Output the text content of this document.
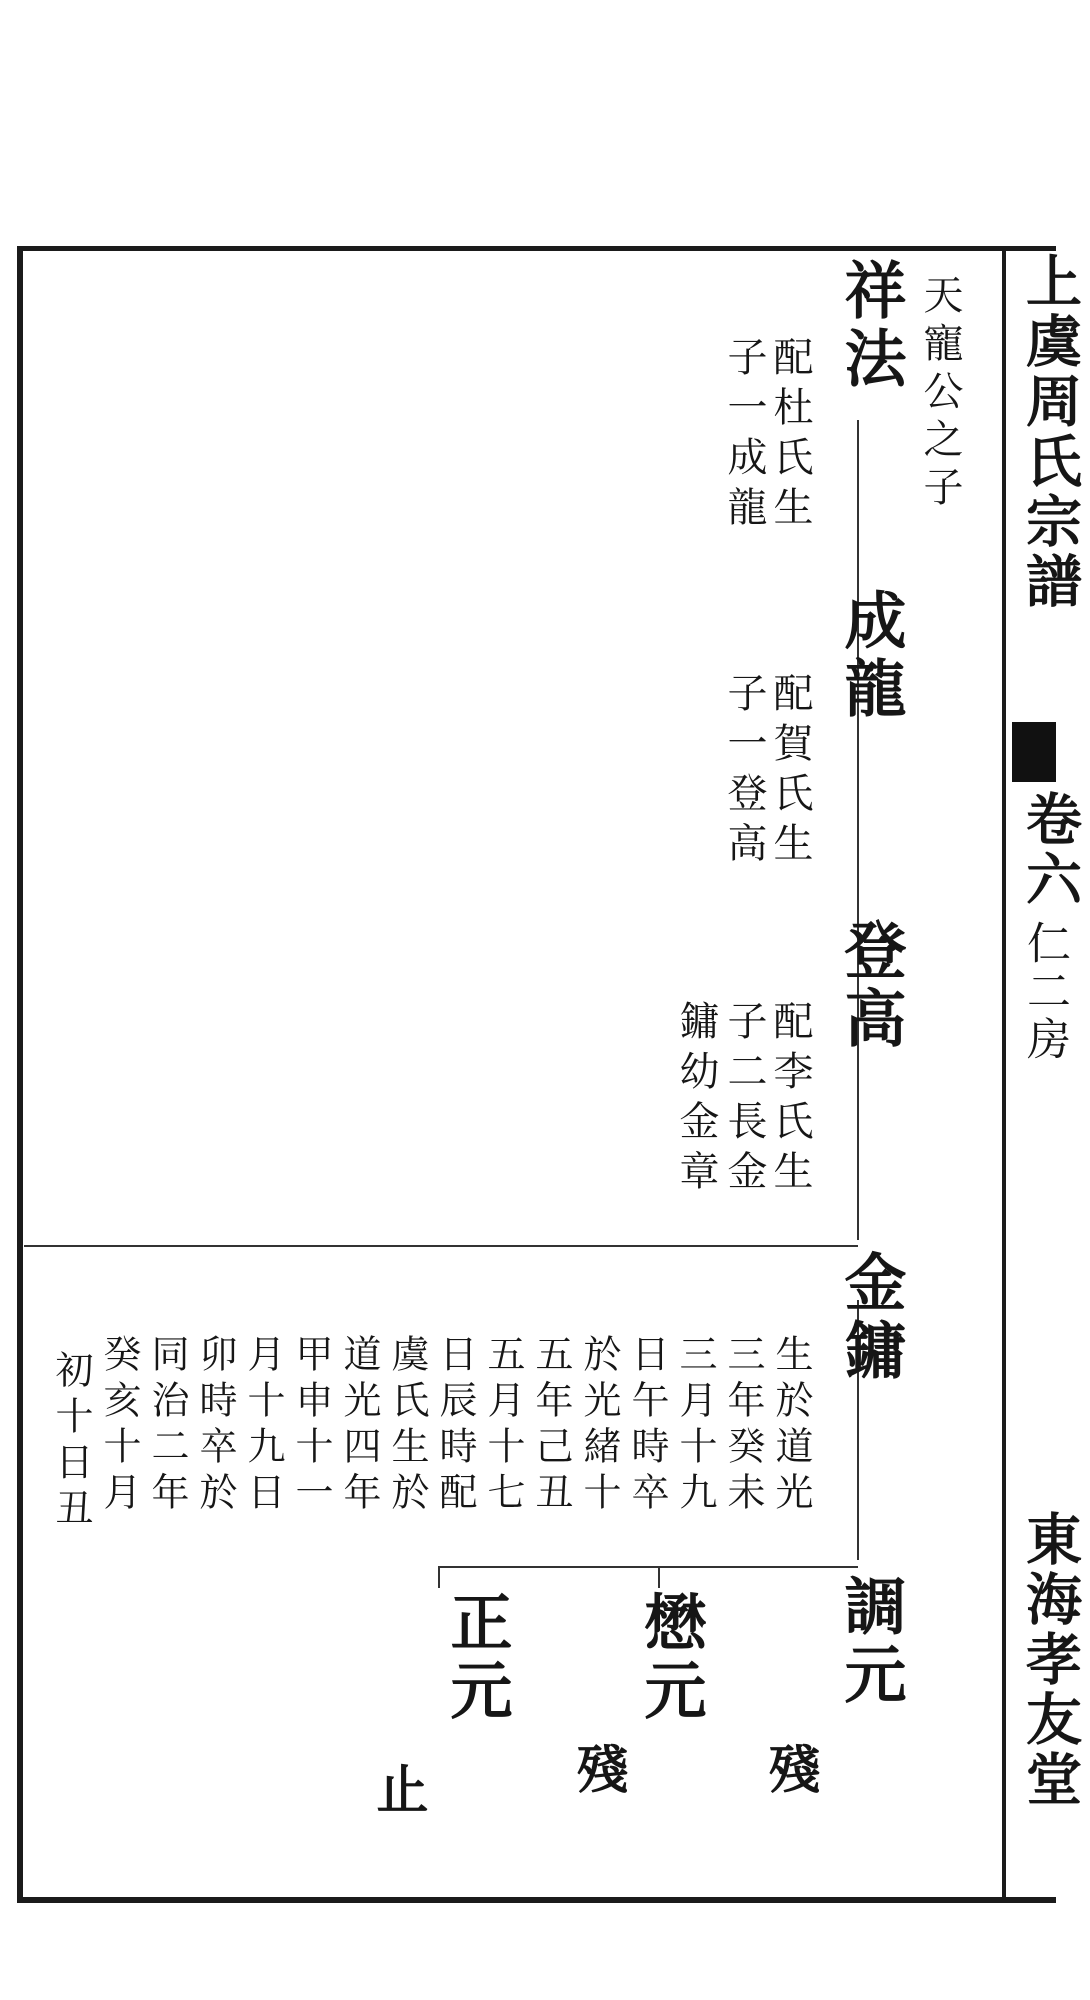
上虞周氏宗譜
卷六
仁二房
東海孝友堂
祥法 天寵公之子
配杜氏生
子一成龍
成龍
配賀氏生
子一登高
登高
配李氏生
子二長金
鏞幼金章
金鏞
生於道光
三年癸未
三月十九
日午時卒
於光緒十
五年己丑
五月十七
日辰時配
虞氏生於
道光四年
甲申十一
月十九日
卯時卒於
同治二年
癸亥十月
初十日丑
調元
殘
懋元
殘
正元
止
